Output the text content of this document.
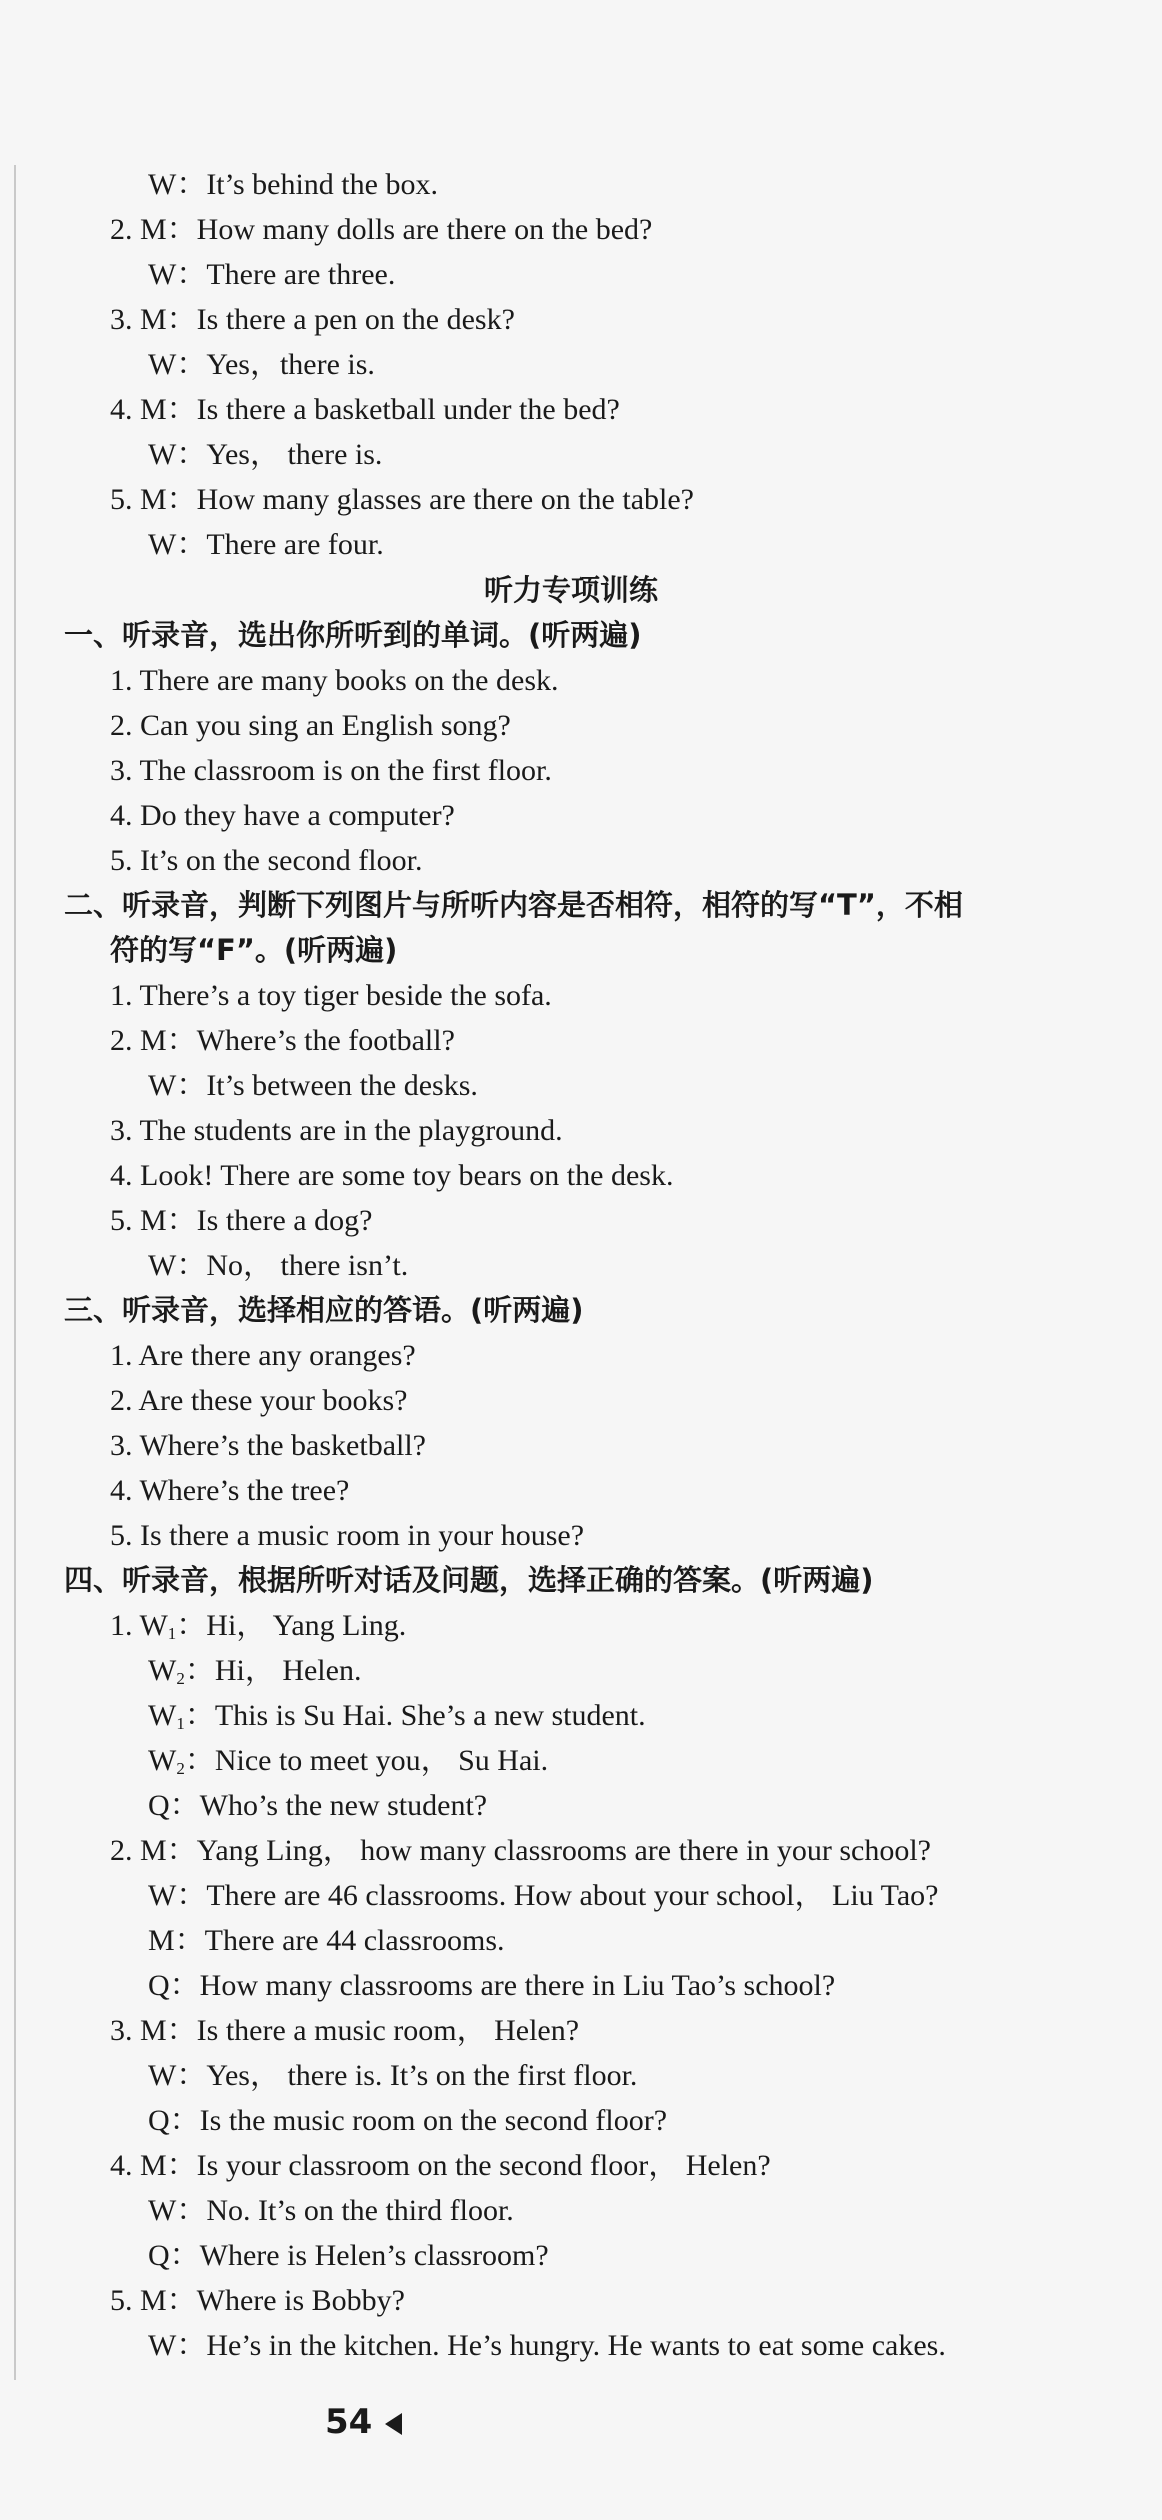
W：It’s behind the box.
2. M：How many dolls are there on the bed?
W：There are three.
3. M：Is there a pen on the desk?
W：Yes，there is.
4. M：Is there a basketball under the bed?
W：Yes， there is.
5. M：How many glasses are there on the table?
W：There are four.
听力专项训练
一、听录音，选出你所听到的单词。(听两遍)
1. There are many books on the desk.
2. Can you sing an English song?
3. The classroom is on the first floor.
4. Do they have a computer?
5. It’s on the second floor.
二、听录音，判断下列图片与所听内容是否相符，相符的写“T”，不相
符的写“F”。(听两遍)
1. There’s a toy tiger beside the sofa.
2. M：Where’s the football?
W：It’s between the desks.
3. The students are in the playground.
4. Look! There are some toy bears on the desk.
5. M：Is there a dog?
W：No， there isn’t.
三、听录音，选择相应的答语。(听两遍)
1. Are there any oranges?
2. Are these your books?
3. Where’s the basketball?
4. Where’s the tree?
5. Is there a music room in your house?
四、听录音，根据所听对话及问题，选择正确的答案。(听两遍)
1. $W_1$：Hi， Yang Ling.
$W_2$：Hi， Helen.
$W_1$：This is Su Hai. She’s a new student.
$W_2$：Nice to meet you， Su Hai.
Q：Who’s the new student?
2. M：Yang Ling， how many classrooms are there in your school?
W：There are 46 classrooms. How about your school， Liu Tao?
M：There are 44 classrooms.
Q：How many classrooms are there in Liu Tao’s school?
3. M：Is there a music room， Helen?
W：Yes， there is. It’s on the first floor.
Q：Is the music room on the second floor?
4. M：Is your classroom on the second floor， Helen?
W：No. It’s on the third floor.
Q：Where is Helen’s classroom?
5. M：Where is Bobby?
W：He’s in the kitchen. He’s hungry. He wants to eat some cakes.
54
